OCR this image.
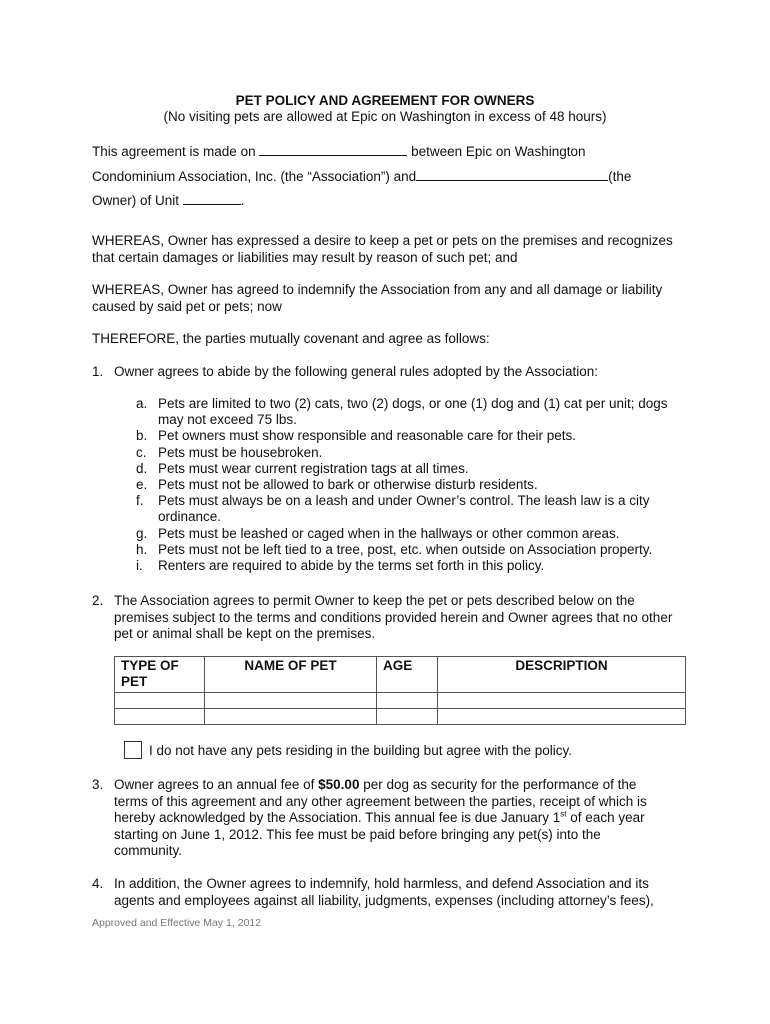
PET POLICY AND AGREEMENT FOR OWNERS
(No visiting pets are allowed at Epic on Washington in excess of 48 hours)
This agreement is made on	between Epic on Washington
Condominium Association, Inc. (the “Association”) and	(the
Owner) of Unit	.
WHEREAS, Owner has expressed a desire to keep a pet or pets on the premises and recognizes that certain damages or liabilities may result by reason of such pet; and
WHEREAS, Owner has agreed to indemnify the Association from any and all damage or liability caused by said pet or pets; now
THEREFORE, the parties mutually covenant and agree as follows:
1. Owner agrees to abide by the following general rules adopted by the Association:
a. Pets are limited to two (2) cats, two (2) dogs, or one (1) dog and (1) cat per unit; dogs may not exceed 75 lbs.
b. Pet owners must show responsible and reasonable care for their pets.
c. Pets must be housebroken.
d. Pets must wear current registration tags at all times.
e. Pets must not be allowed to bark or otherwise disturb residents.
f. Pets must always be on a leash and under Owner’s control. The leash law is a city ordinance.
g. Pets must be leashed or caged when in the hallways or other common areas.
h. Pets must not be left tied to a tree, post, etc. when outside on Association property.
i. Renters are required to abide by the terms set forth in this policy.
2. The Association agrees to permit Owner to keep the pet or pets described below on the premises subject to the terms and conditions provided herein and Owner agrees that no other pet or animal shall be kept on the premises.
TYPE OF PET	NAME OF PET	AGE	DESCRIPTION

I do not have any pets residing in the building but agree with the policy.
3. Owner agrees to an annual fee of $50.00 per dog as security for the performance of the terms of this agreement and any other agreement between the parties, receipt of which is hereby acknowledged by the Association. This annual fee is due January 1st of each year starting on June 1, 2012. This fee must be paid before bringing any pet(s) into the community.
4. In addition, the Owner agrees to indemnify, hold harmless, and defend Association and its agents and employees against all liability, judgments, expenses (including attorney’s fees),
Approved and Effective May 1, 2012
